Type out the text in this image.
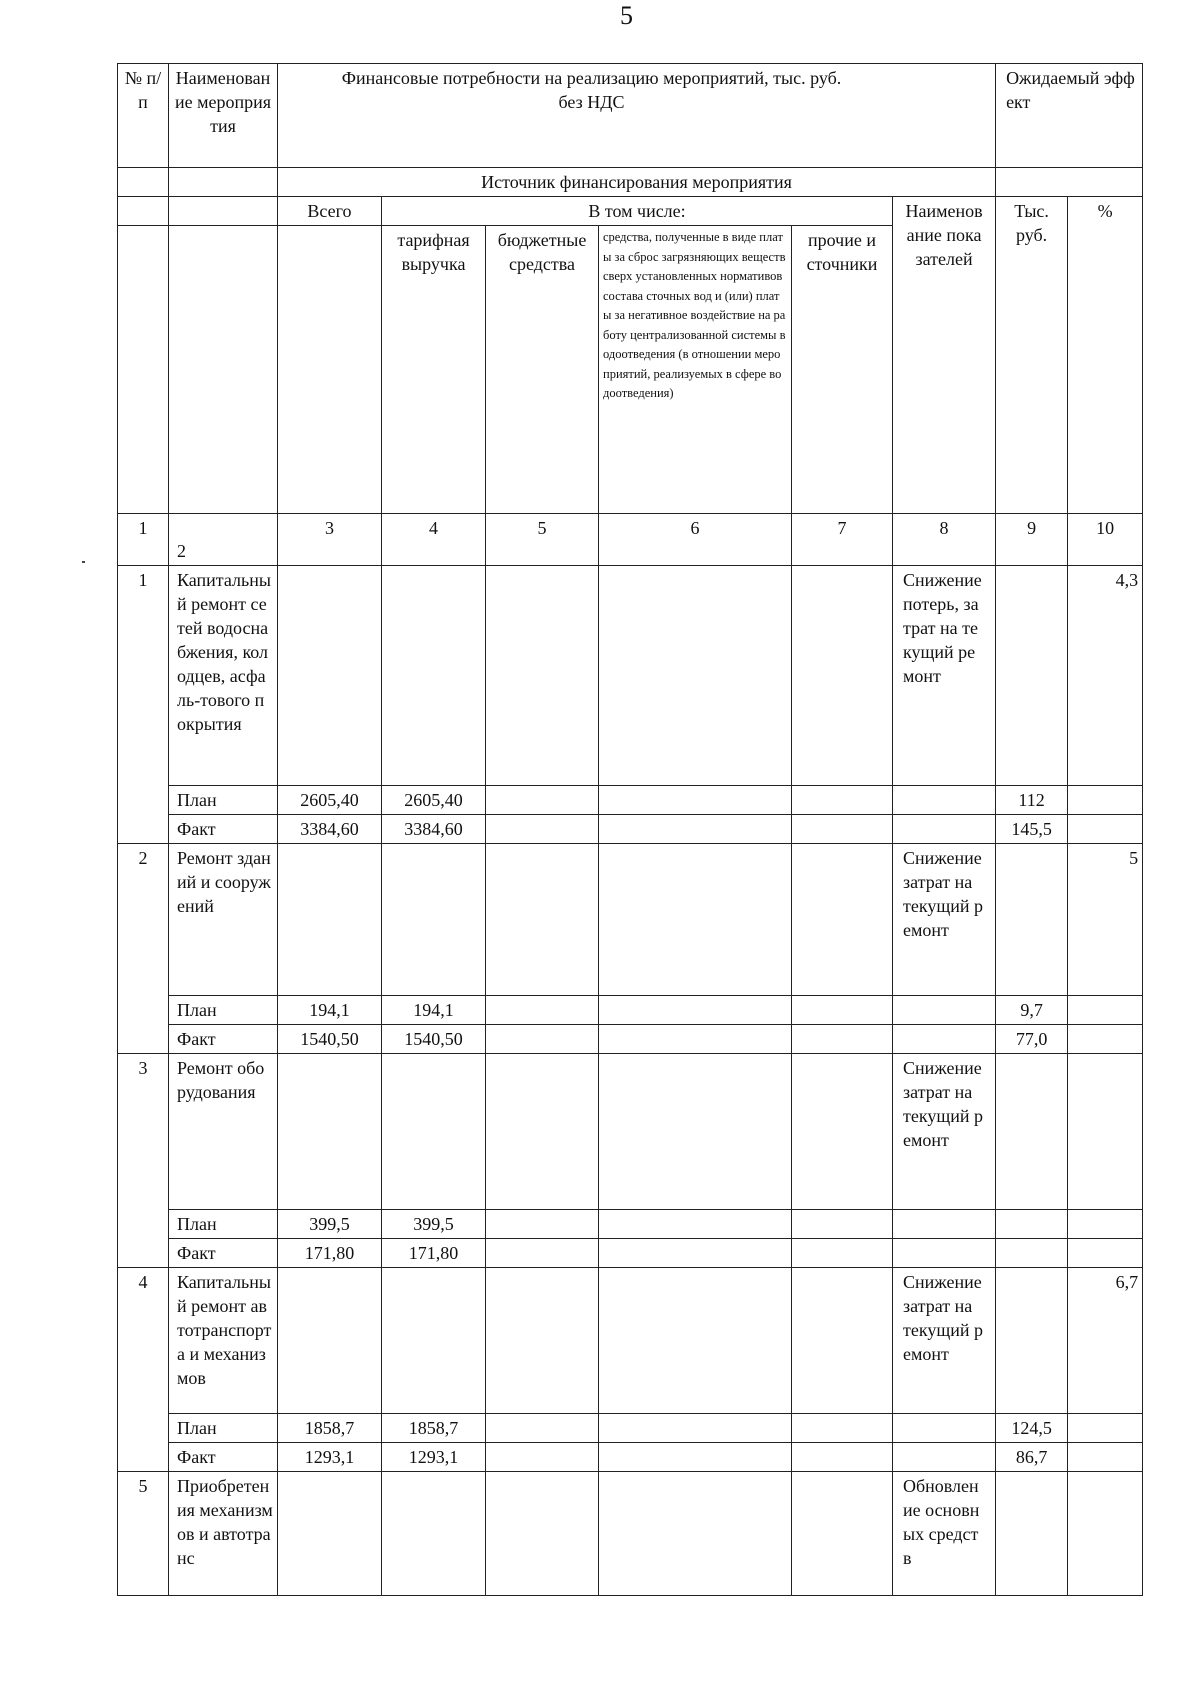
5
№ п/п	Наименование мероприятия	Финансовые потребности на реализацию мероприятий, тыс. руб. без НДС						Ожидаемый эффект	
		Источник финансирования мероприятия							
		Всего	В том числе:				Наименование показателей	Тыс. руб.	%
			тарифная выручка	бюджетные средства	средства, полученные в виде платы за сброс загрязняющих веществ сверх установленных нормативов состава сточных вод и (или) платы за негативное воздействие на работу централизованной системы водоотведения (в отношении мероприятий, реализуемых в сфере водоотведения)	прочие источники			
1	2	3	4	5	6	7	8	9	10
1	Капитальный ремонт сетей водоснабжения, колодцев, асфаль-тового покрытия						Снижение потерь, затрат на текущий ремонт		4,3
	План	2605,40	2605,40					112	
	Факт	3384,60	3384,60					145,5	
2	Ремонт зданий и сооружений						Снижение затрат на текущий ремонт		5
	План	194,1	194,1					9,7	
	Факт	1540,50	1540,50					77,0	
3	Ремонт оборудования						Снижение затрат на текущий ремонт		
	План	399,5	399,5						
	Факт	171,80	171,80						
4	Капитальный ремонт автотранспорта и механизмов						Снижение затрат на текущий ремонт		6,7
	План	1858,7	1858,7					124,5	
	Факт	1293,1	1293,1					86,7	
5	Приобретения механизмов и автотранс						Обновление основных средств		
